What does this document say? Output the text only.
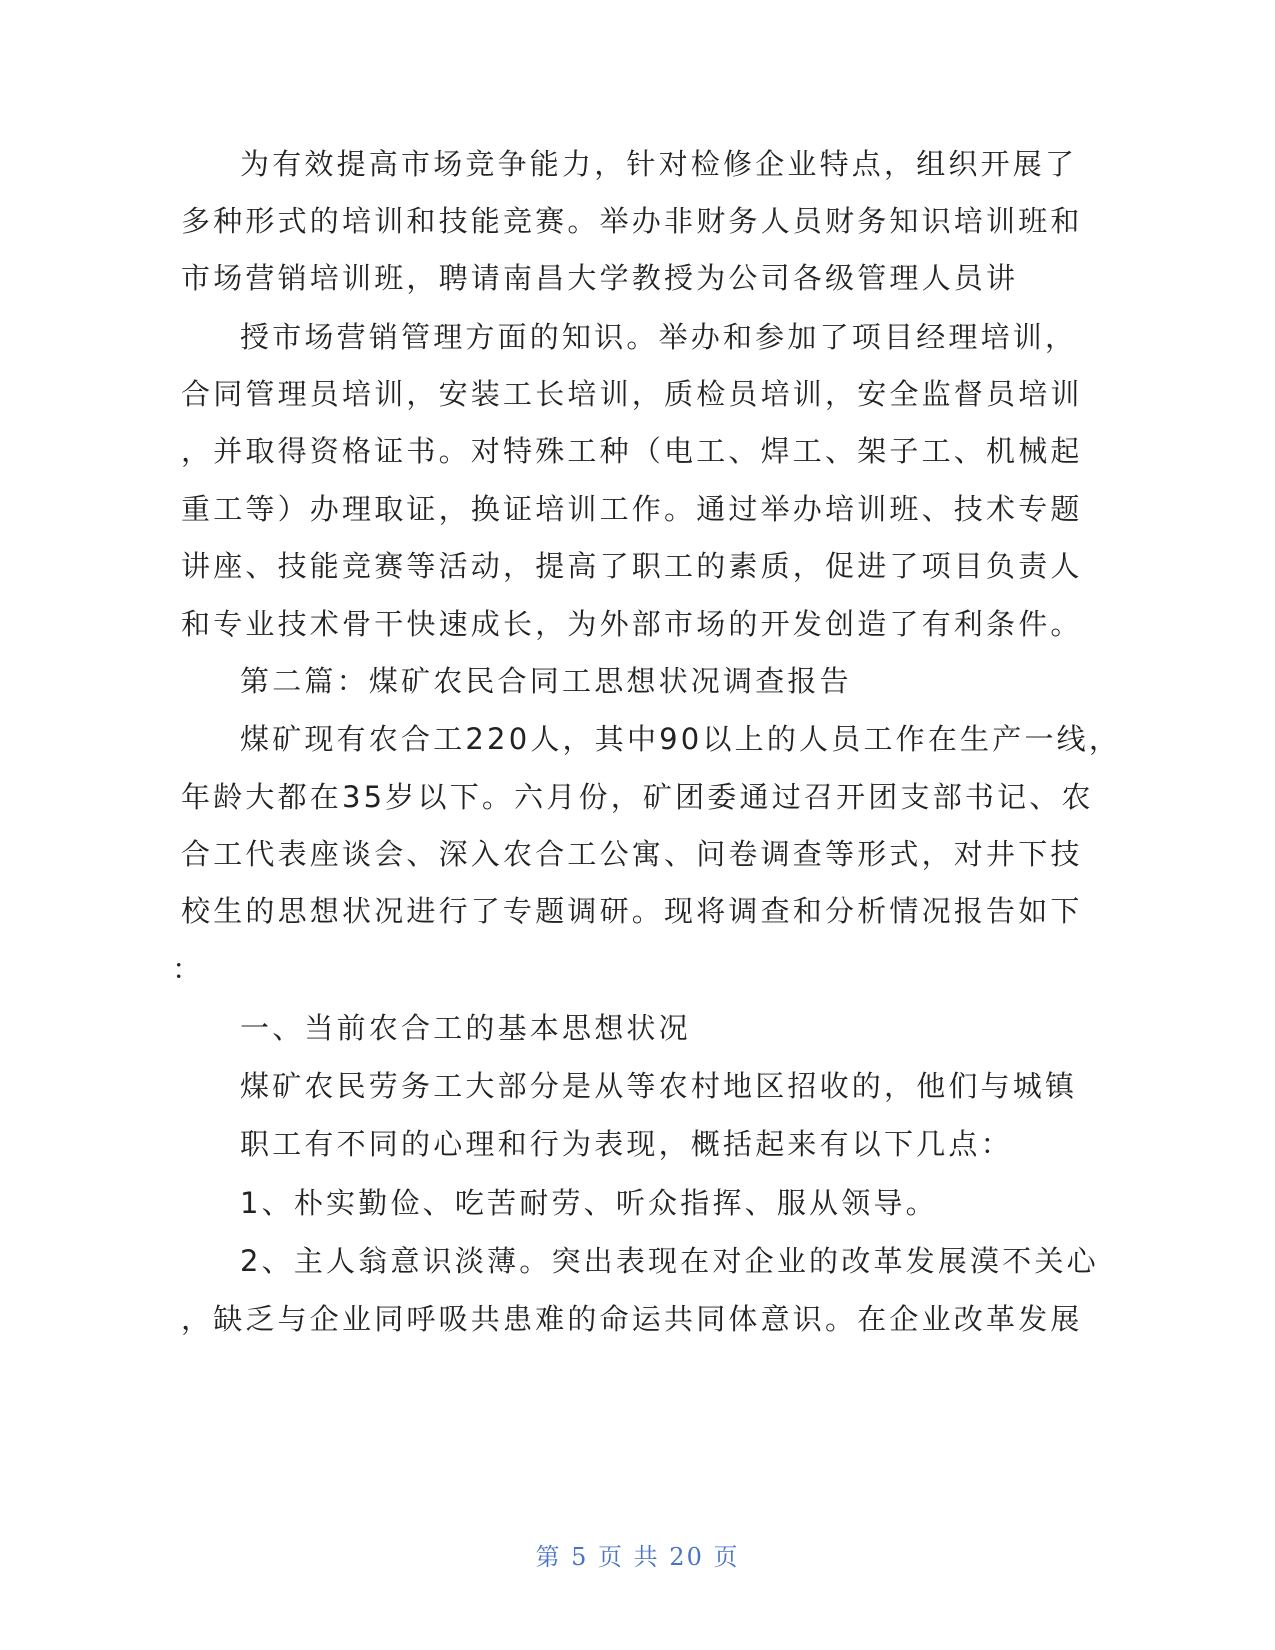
为有效提高市场竞争能力，针对检修企业特点，组织开展了
多种形式的培训和技能竞赛。举办非财务人员财务知识培训班和
市场营销培训班，聘请南昌大学教授为公司各级管理人员讲
授市场营销管理方面的知识。举办和参加了项目经理培训，
合同管理员培训，安装工长培训，质检员培训，安全监督员培训
，并取得资格证书。对特殊工种（电工、焊工、架子工、机械起
重工等）办理取证，换证培训工作。通过举办培训班、技术专题
讲座、技能竞赛等活动，提高了职工的素质，促进了项目负责人
和专业技术骨干快速成长，为外部市场的开发创造了有利条件。
第二篇：煤矿农民合同工思想状况调查报告
煤矿现有农合工220人，其中90以上的人员工作在生产一线，
年龄大都在35岁以下。六月份，矿团委通过召开团支部书记、农
合工代表座谈会、深入农合工公寓、问卷调查等形式，对井下技
校生的思想状况进行了专题调研。现将调查和分析情况报告如下
：
一、当前农合工的基本思想状况
煤矿农民劳务工大部分是从等农村地区招收的，他们与城镇
职工有不同的心理和行为表现，概括起来有以下几点：
1、朴实勤俭、吃苦耐劳、听众指挥、服从领导。
2、主人翁意识淡薄。突出表现在对企业的改革发展漠不关心
，缺乏与企业同呼吸共患难的命运共同体意识。在企业改革发展
第 5 页 共 20 页
